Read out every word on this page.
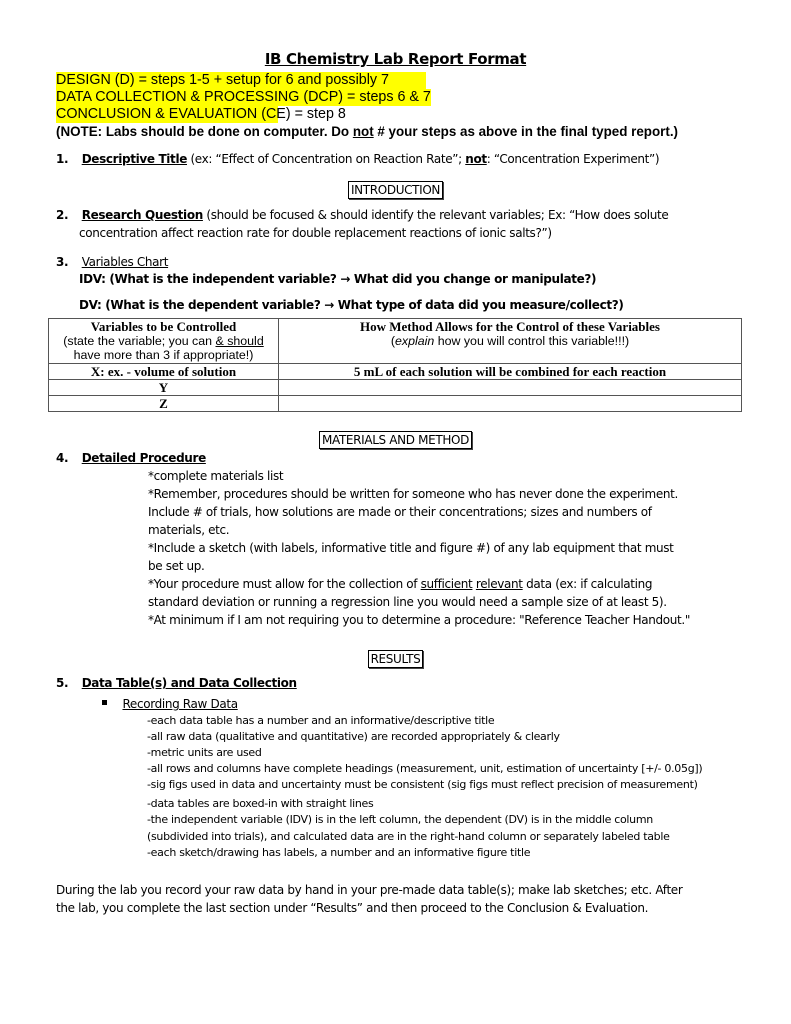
IB Chemistry Lab Report Format
DESIGN (D) = steps 1-5 + setup for 6 and possibly 7
DATA COLLECTION & PROCESSING (DCP) = steps 6 & 7
CONCLUSION & EVALUATION (CE) = step 8
(NOTE: Labs should be done on computer. Do not # your steps as above in the final typed report.)
1. Descriptive Title (ex: “Effect of Concentration on Reaction Rate”; not: “Concentration Experiment”)
INTRODUCTION
2. Research Question (should be focused & should identify the relevant variables; Ex: “How does solute
concentration affect reaction rate for double replacement reactions of ionic salts?”)
3. Variables Chart
IDV: (What is the independent variable? → What did you change or manipulate?)
DV: (What is the dependent variable? → What type of data did you measure/collect?)
Variables to be Controlled
(state the variable; you can & should
have more than 3 if appropriate!)

How Method Allows for the Control of these Variables
(explain how you will control this variable!!!)

X: ex. - volume of solution	5 mL of each solution will be combined for each reaction
Y	
Z	
MATERIALS AND METHOD
4. Detailed Procedure
*complete materials list
*Remember, procedures should be written for someone who has never done the experiment.
Include # of trials, how solutions are made or their concentrations; sizes and numbers of
materials, etc.
*Include a sketch (with labels, informative title and figure #) of any lab equipment that must
be set up.
*Your procedure must allow for the collection of sufficient relevant data (ex: if calculating
standard deviation or running a regression line you would need a sample size of at least 5).
*At minimum if I am not requiring you to determine a procedure: "Reference Teacher Handout."
RESULTS
5. Data Table(s) and Data Collection
Recording Raw Data
-each data table has a number and an informative/descriptive title
-all raw data (qualitative and quantitative) are recorded appropriately & clearly
-metric units are used
-all rows and columns have complete headings (measurement, unit, estimation of uncertainty [+/- 0.05g])
-sig figs used in data and uncertainty must be consistent (sig figs must reflect precision of measurement)
-data tables are boxed-in with straight lines
-the independent variable (IDV) is in the left column, the dependent (DV) is in the middle column
(subdivided into trials), and calculated data are in the right-hand column or separately labeled table
-each sketch/drawing has labels, a number and an informative figure title
During the lab you record your raw data by hand in your pre-made data table(s); make lab sketches; etc. After
the lab, you complete the last section under “Results” and then proceed to the Conclusion & Evaluation.
